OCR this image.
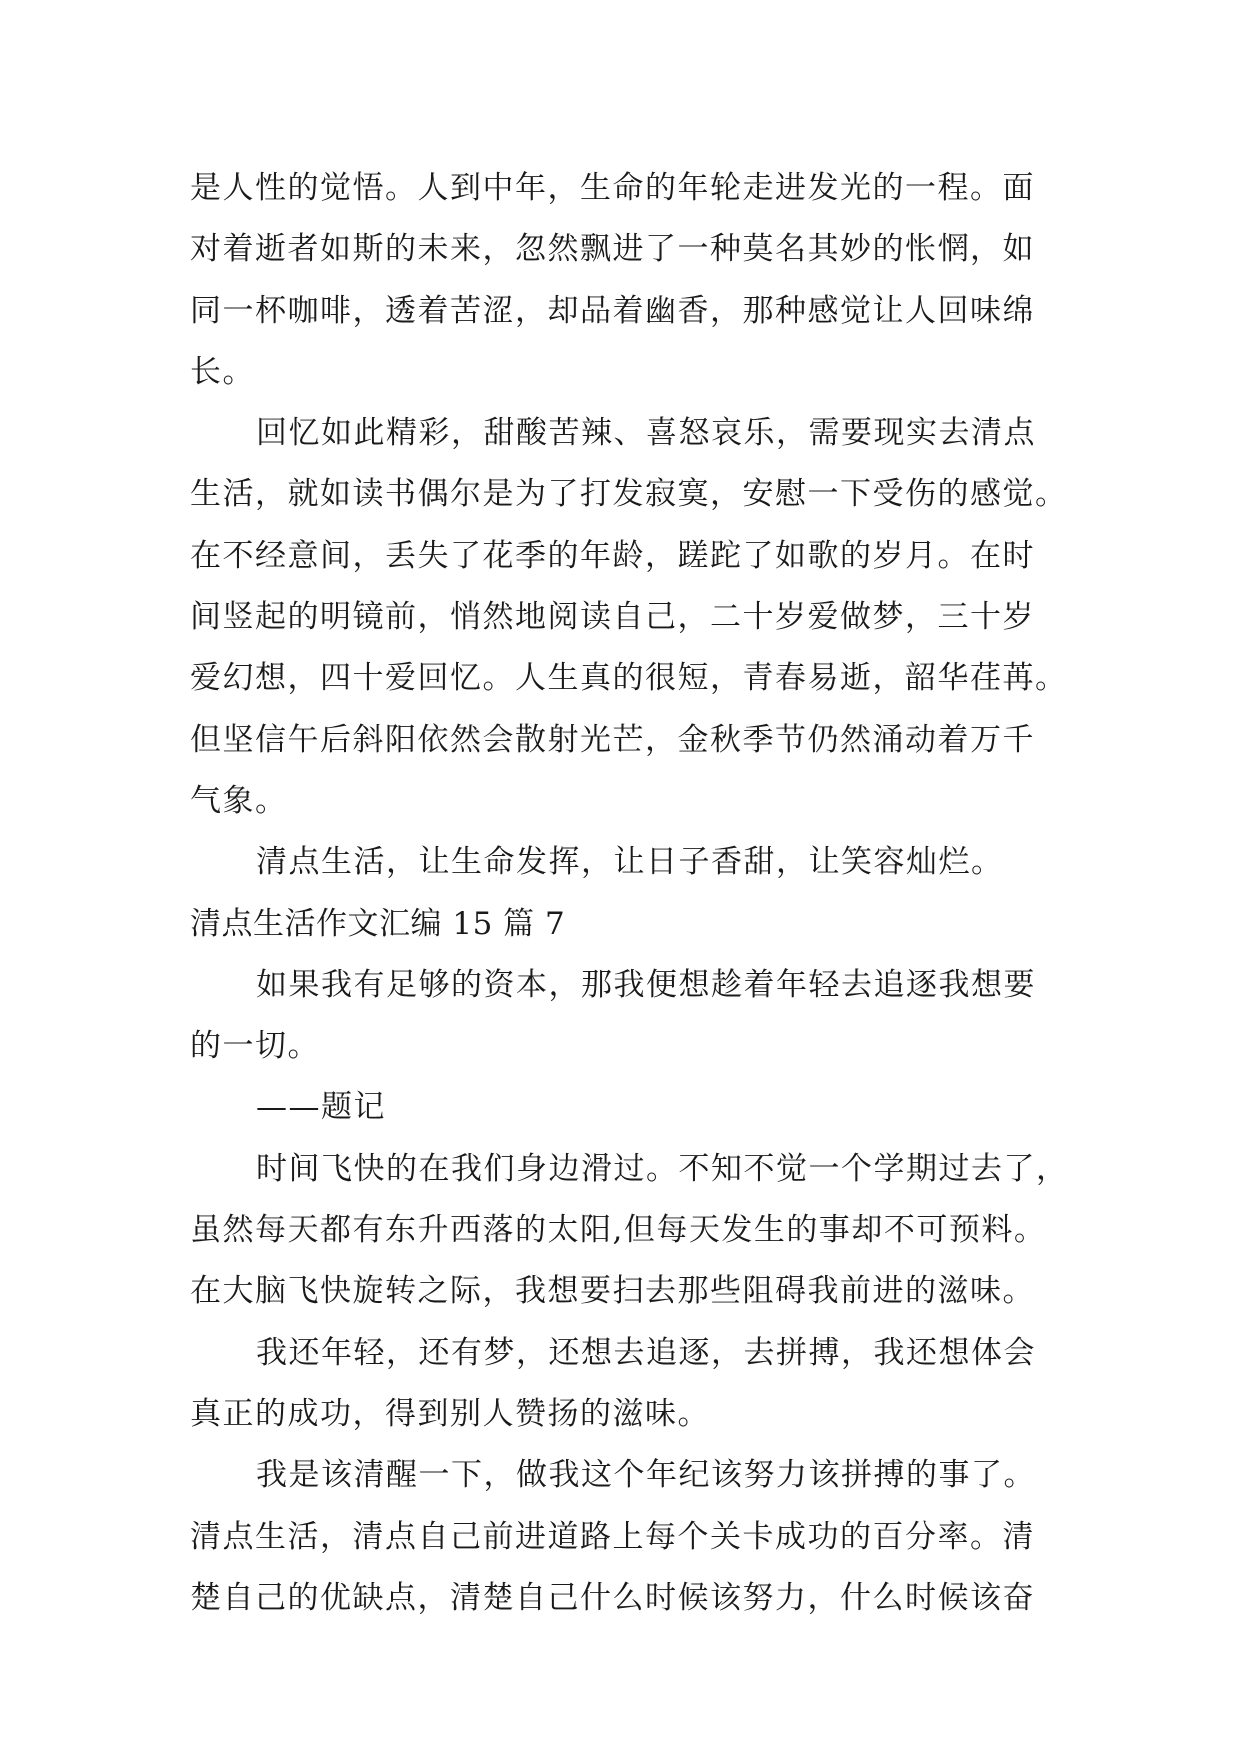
是人性的觉悟。人到中年，生命的年轮走进发光的一程。面
对着逝者如斯的未来，忽然飘进了一种莫名其妙的怅惘，如
同一杯咖啡，透着苦涩，却品着幽香，那种感觉让人回味绵
长。
回忆如此精彩，甜酸苦辣、喜怒哀乐，需要现实去清点
生活，就如读书偶尔是为了打发寂寞，安慰一下受伤的感觉。
在不经意间，丢失了花季的年龄，蹉跎了如歌的岁月。在时
间竖起的明镜前，悄然地阅读自己，二十岁爱做梦，三十岁
爱幻想，四十爱回忆。人生真的很短，青春易逝，韶华荏苒。
但坚信午后斜阳依然会散射光芒，金秋季节仍然涌动着万千
气象。
清点生活，让生命发挥，让日子香甜，让笑容灿烂。
清点生活作文汇编 15 篇 7
如果我有足够的资本，那我便想趁着年轻去追逐我想要
的一切。
——题记
时间飞快的在我们身边滑过。不知不觉一个学期过去了，
虽然每天都有东升西落的太阳,但每天发生的事却不可预料。
在大脑飞快旋转之际，我想要扫去那些阻碍我前进的滋味。
我还年轻，还有梦，还想去追逐，去拼搏，我还想体会
真正的成功，得到别人赞扬的滋味。
我是该清醒一下，做我这个年纪该努力该拼搏的事了。
清点生活，清点自己前进道路上每个关卡成功的百分率。清
楚自己的优缺点，清楚自己什么时候该努力，什么时候该奋
